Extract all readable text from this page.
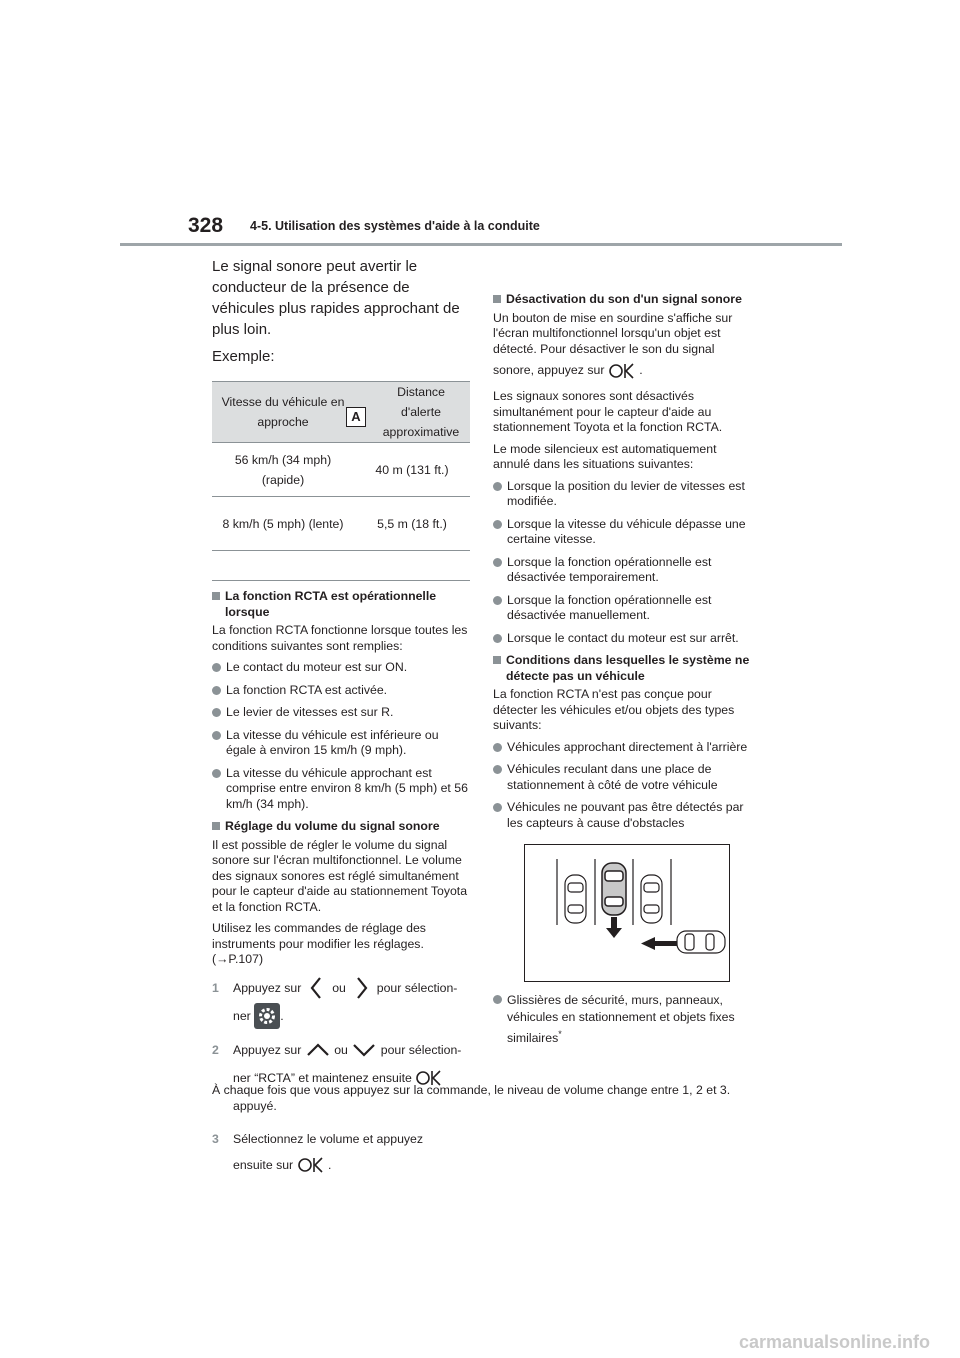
328 4-5. Utilisation des systèmes d'aide à la conduite

Le signal sonore peut avertir le conducteur de la présence de véhicules plus rapides approchant de plus loin.

Exemple:

Vitesse du véhicule en approche	Distance d'alerte approximative
56 km/h (34 mph) (rapide)	40 m (131 ft.)
8 km/h (5 mph) (lente)	5,5 m (18 ft.)
A
La fonction RCTA est opérationnelle lorsque

La fonction RCTA fonctionne lorsque toutes les conditions suivantes sont remplies:

Le contact du moteur est sur ON.
La fonction RCTA est activée.
Le levier de vitesses est sur R.
La vitesse du véhicule est inférieure ou égale à environ 15 km/h (9 mph).
La vitesse du véhicule approchant est comprise entre environ 8 km/h (5 mph) et 56 km/h (34 mph).
Réglage du volume du signal sonore

Il est possible de régler le volume du signal sonore sur l'écran multifonctionnel. Le volume des signaux sonores est réglé simultanément pour le capteur d'aide au stationnement Toyota et la fonction RCTA.

Utilisez les commandes de réglage des instruments pour modifier les réglages.

(→P.107)

1 Appuyez sur	ou	pour sélection-
ner .
2 Appuyez sur	ou	pour sélection-
ner “RCTA” et maintenez ensuite
appuyé.
3 Sélectionnez le volume et appuyez
ensuite sur	.

À chaque fois que vous appuyez sur la commande, le niveau de volume change entre 1, 2 et 3.

Désactivation du son d'un signal sonore

Un bouton de mise en sourdine s'affiche sur l'écran multifonctionnel lorsqu'un objet est détecté. Pour désactiver le son du signal

sonore, appuyez sur	.

Les signaux sonores sont désactivés simultanément pour le capteur d'aide au stationnement Toyota et la fonction RCTA.

Le mode silencieux est automatiquement annulé dans les situations suivantes:

Lorsque la position du levier de vitesses est modifiée.
Lorsque la vitesse du véhicule dépasse une certaine vitesse.
Lorsque la fonction opérationnelle est désactivée temporairement.
Lorsque la fonction opérationnelle est désactivée manuellement.
Lorsque le contact du moteur est sur arrêt.
Conditions dans lesquelles le système ne détecte pas un véhicule

La fonction RCTA n'est pas conçue pour détecter les véhicules et/ou objets des types suivants:

Véhicules approchant directement à l'arrière
Véhicules reculant dans une place de stationnement à côté de votre véhicule
Véhicules ne pouvant pas être détectés par les capteurs à cause d'obstacles
Glissières de sécurité, murs, panneaux, véhicules en stationnement et objets fixes similaires*
carmanualsonline.info
